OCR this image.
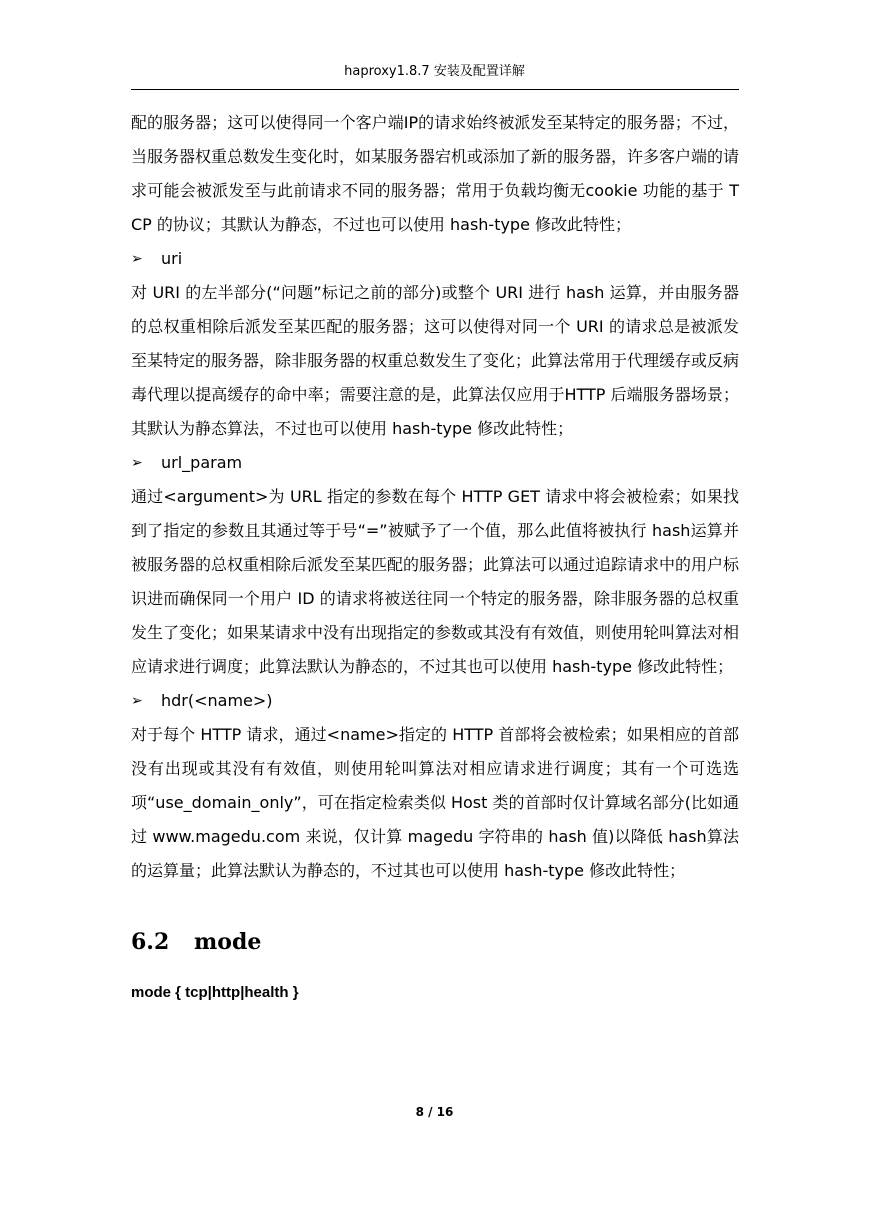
haproxy1.8.7 安装及配置详解

配的服务器；这可以使得同一个客户端IP的请求始终被派发至某特定的服务器；不过，当服务器权重总数发生变化时，如某服务器宕机或添加了新的服务器，许多客户端的请求可能会被派发至与此前请求不同的服务器；常用于负载均衡无cookie 功能的基于 TCP 的协议；其默认为静态，不过也可以使用 hash-type 修改此特性；

➢	uri

对 URI 的左半部分(“问题”标记之前的部分)或整个 URI 进行 hash 运算，并由服务器的总权重相除后派发至某匹配的服务器；这可以使得对同一个 URI 的请求总是被派发至某特定的服务器，除非服务器的权重总数发生了变化；此算法常用于代理缓存或反病毒代理以提高缓存的命中率；需要注意的是，此算法仅应用于HTTP 后端服务器场景；其默认为静态算法，不过也可以使用 hash-type 修改此特性；

➢	url_param

通过<argument>为 URL 指定的参数在每个 HTTP GET 请求中将会被检索；如果找到了指定的参数且其通过等于号“=”被赋予了一个值，那么此值将被执行 hash运算并被服务器的总权重相除后派发至某匹配的服务器；此算法可以通过追踪请求中的用户标识进而确保同一个用户 ID 的请求将被送往同一个特定的服务器，除非服务器的总权重发生了变化；如果某请求中没有出现指定的参数或其没有有效值，则使用轮叫算法对相应请求进行调度；此算法默认为静态的，不过其也可以使用 hash-type 修改此特性；

➢	hdr(<name>)

对于每个 HTTP 请求，通过<name>指定的 HTTP 首部将会被检索；如果相应的首部没有出现或其没有有效值，则使用轮叫算法对相应请求进行调度；其有一个可选选项“use_domain_only”，可在指定检索类似 Host 类的首部时仅计算域名部分(比如通过 www.magedu.com 来说，仅计算 magedu 字符串的 hash 值)以降低 hash算法的运算量；此算法默认为静态的，不过其也可以使用 hash-type 修改此特性；

6.2	mode

mode { tcp|http|health }

8 / 16
